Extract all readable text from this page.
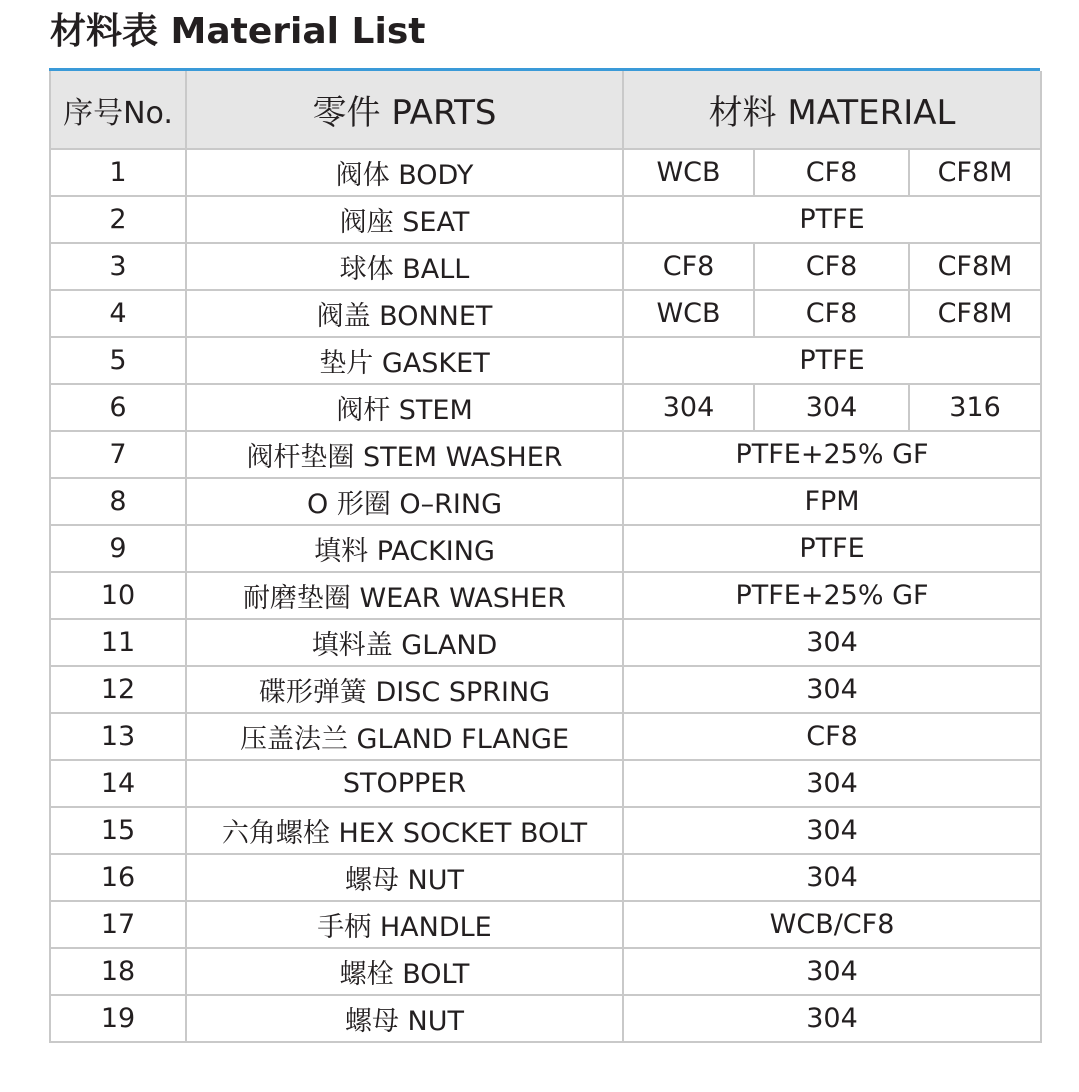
材料表 Material List
序号No.	零件 PARTS	材料 MATERIAL		
1	阀体 BODY	WCB	CF8	CF8M
2	阀座 SEAT	PTFE		
3	球体 BALL	CF8	CF8	CF8M
4	阀盖 BONNET	WCB	CF8	CF8M
5	垫片 GASKET	PTFE		
6	阀杆 STEM	304	304	316
7	阀杆垫圈 STEM WASHER	PTFE+25% GF		
8	O 形圈 O–RING	FPM		
9	填料 PACKING	PTFE		
10	耐磨垫圈 WEAR WASHER	PTFE+25% GF		
11	填料盖 GLAND	304		
12	碟形弹簧 DISC SPRING	304		
13	压盖法兰 GLAND FLANGE	CF8		
14	STOPPER	304		
15	六角螺栓 HEX SOCKET BOLT	304		
16	螺母 NUT	304		
17	手柄 HANDLE	WCB/CF8		
18	螺栓 BOLT	304		
19	螺母 NUT	304		
